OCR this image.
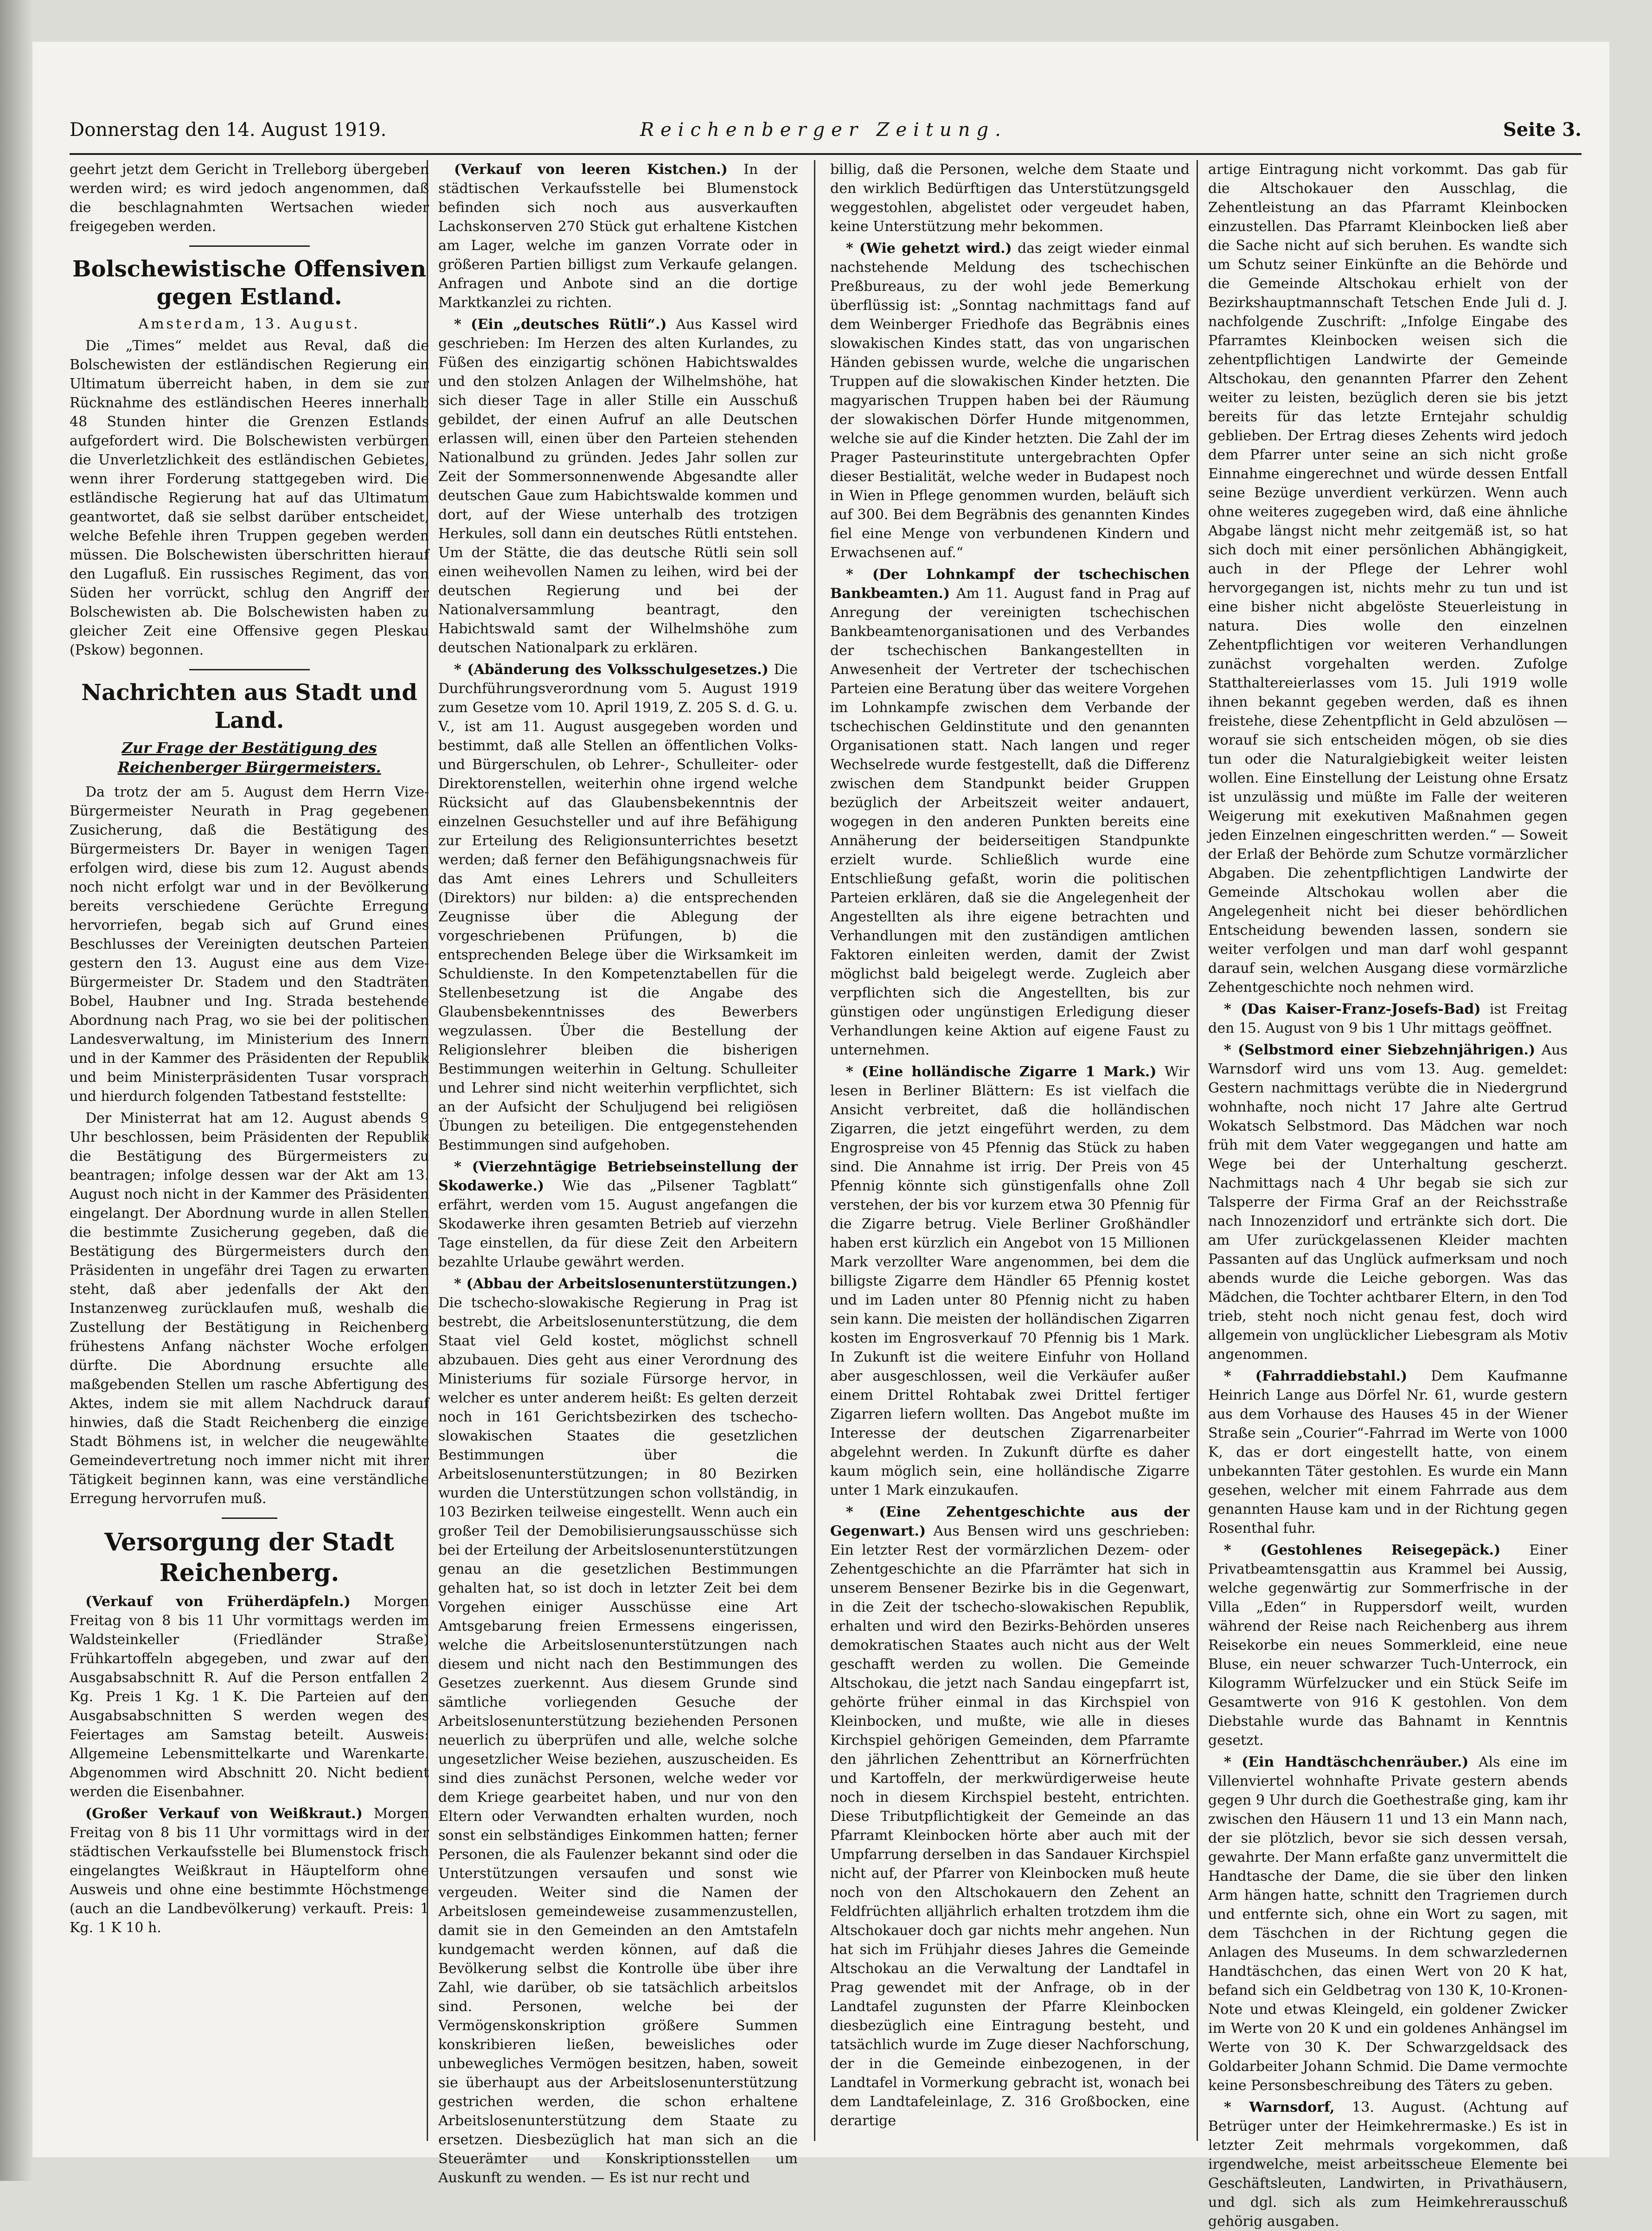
Donnerstag den 14. August 1919.	Reichenberger Zeitung.	Seite 3.

geehrt jetzt dem Gericht in Trelleborg übergeben werden wird; es wird jedoch angenommen, daß die beschlagnahmten Wertsachen wieder freigegeben werden.

Bolschewistische Offensiven gegen Estland.
Amsterdam, 13. August.

Die „Times“ meldet aus Reval, daß die Bolschewisten der estländischen Regierung ein Ultimatum überreicht haben, in dem sie zur Rücknahme des estländischen Heeres innerhalb 48 Stunden hinter die Grenzen Estlands aufgefordert wird. Die Bolschewisten verbürgen die Unverletzlichkeit des estländischen Gebietes, wenn ihrer Forderung stattgegeben wird. Die estländische Regierung hat auf das Ultimatum geantwortet, daß sie selbst darüber entscheidet, welche Befehle ihren Truppen gegeben werden müssen. Die Bolschewisten überschritten hierauf den Lugafluß. Ein russisches Regiment, das von Süden her vorrückt, schlug den Angriff der Bolschewisten ab. Die Bolschewisten haben zu gleicher Zeit eine Offensive gegen Pleskau (Pskow) begonnen.

Nachrichten aus Stadt und Land.
Zur Frage der Bestätigung des Reichenberger Bürgermeisters.

Da trotz der am 5. August dem Herrn Vize-Bürgermeister Neurath in Prag gegebenen Zusicherung, daß die Bestätigung des Bürgermeisters Dr. Bayer in wenigen Tagen erfolgen wird, diese bis zum 12. August abends noch nicht erfolgt war und in der Bevölkerung bereits verschiedene Gerüchte Erregung hervorriefen, begab sich auf Grund eines Beschlusses der Vereinigten deutschen Parteien gestern den 13. August eine aus dem Vize-Bürgermeister Dr. Stadem und den Stadträten Bobel, Haubner und Ing. Strada bestehende Abordnung nach Prag, wo sie bei der politischen Landesverwaltung, im Ministerium des Innern und in der Kammer des Präsidenten der Republik und beim Ministerpräsidenten Tusar vorsprach und hierdurch folgenden Tatbestand feststellte:

Der Ministerrat hat am 12. August abends 9 Uhr beschlossen, beim Präsidenten der Republik die Bestätigung des Bürgermeisters zu beantragen; infolge dessen war der Akt am 13. August noch nicht in der Kammer des Präsidenten eingelangt. Der Abordnung wurde in allen Stellen die bestimmte Zusicherung gegeben, daß die Bestätigung des Bürgermeisters durch den Präsidenten in ungefähr drei Tagen zu erwarten steht, daß aber jedenfalls der Akt den Instanzenweg zurücklaufen muß, weshalb die Zustellung der Bestätigung in Reichenberg frühestens Anfang nächster Woche erfolgen dürfte. Die Abordnung ersuchte alle maßgebenden Stellen um rasche Abfertigung des Aktes, indem sie mit allem Nachdruck darauf hinwies, daß die Stadt Reichenberg die einzige Stadt Böhmens ist, in welcher die neugewählte Gemeindevertretung noch immer nicht mit ihrer Tätigkeit beginnen kann, was eine verständliche Erregung hervorrufen muß.

Versorgung der Stadt Reichenberg.

(Verkauf von Früherdäpfeln.) Morgen Freitag von 8 bis 11 Uhr vormittags werden im Waldsteinkeller (Friedländer Straße) Frühkartoffeln abgegeben, und zwar auf den Ausgabsabschnitt R. Auf die Person entfallen 2 Kg. Preis 1 Kg. 1 K. Die Parteien auf den Ausgabsabschnitten S werden wegen des Feiertages am Samstag beteilt. Ausweis: Allgemeine Lebensmittelkarte und Warenkarte. Abgenommen wird Abschnitt 20. Nicht bedient werden die Eisenbahner.

(Großer Verkauf von Weißkraut.) Morgen Freitag von 8 bis 11 Uhr vormittags wird in der städtischen Verkaufsstelle bei Blumenstock frisch eingelangtes Weißkraut in Häuptelform ohne Ausweis und ohne eine bestimmte Höchstmenge (auch an die Landbevölkerung) verkauft. Preis: 1 Kg. 1 K 10 h.

(Verkauf von leeren Kistchen.) In der städtischen Verkaufsstelle bei Blumenstock befinden sich noch aus ausverkauften Lachskonserven 270 Stück gut erhaltene Kistchen am Lager, welche im ganzen Vorrate oder in größeren Partien billigst zum Verkaufe gelangen. Anfragen und Anbote sind an die dortige Marktkanzlei zu richten.

* (Ein „deutsches Rütli“.) Aus Kassel wird geschrieben: Im Herzen des alten Kurlandes, zu Füßen des einzigartig schönen Habichtswaldes und den stolzen Anlagen der Wilhelmshöhe, hat sich dieser Tage in aller Stille ein Ausschuß gebildet, der einen Aufruf an alle Deutschen erlassen will, einen über den Parteien stehenden Nationalbund zu gründen. Jedes Jahr sollen zur Zeit der Sommersonnenwende Abgesandte aller deutschen Gaue zum Habichtswalde kommen und dort, auf der Wiese unterhalb des trotzigen Herkules, soll dann ein deutsches Rütli entstehen. Um der Stätte, die das deutsche Rütli sein soll einen weihevollen Namen zu leihen, wird bei der deutschen Regierung und bei der Nationalversammlung beantragt, den Habichtswald samt der Wilhelmshöhe zum deutschen Nationalpark zu erklären.

* (Abänderung des Volksschulgesetzes.) Die Durchführungsverordnung vom 5. August 1919 zum Gesetze vom 10. April 1919, Z. 205 S. d. G. u. V., ist am 11. August ausgegeben worden und bestimmt, daß alle Stellen an öffentlichen Volks- und Bürgerschulen, ob Lehrer-, Schulleiter- oder Direktorenstellen, weiterhin ohne irgend welche Rücksicht auf das Glaubensbekenntnis der einzelnen Gesuchsteller und auf ihre Befähigung zur Erteilung des Religionsunterrichtes besetzt werden; daß ferner den Befähigungsnachweis für das Amt eines Lehrers und Schulleiters (Direktors) nur bilden: a) die entsprechenden Zeugnisse über die Ablegung der vorgeschriebenen Prüfungen, b) die entsprechenden Belege über die Wirksamkeit im Schuldienste. In den Kompetenztabellen für die Stellenbesetzung ist die Angabe des Glaubensbekenntnisses des Bewerbers wegzulassen. Über die Bestellung der Religionslehrer bleiben die bisherigen Bestimmungen weiterhin in Geltung. Schulleiter und Lehrer sind nicht weiterhin verpflichtet, sich an der Aufsicht der Schuljugend bei religiösen Übungen zu beteiligen. Die entgegenstehenden Bestimmungen sind aufgehoben.

* (Vierzehntägige Betriebseinstellung der Skodawerke.) Wie das „Pilsener Tagblatt“ erfährt, werden vom 15. August angefangen die Skodawerke ihren gesamten Betrieb auf vierzehn Tage einstellen, da für diese Zeit den Arbeitern bezahlte Urlaube gewährt werden.

* (Abbau der Arbeitslosenunterstützungen.) Die tschecho-slowakische Regierung in Prag ist bestrebt, die Arbeitslosenunterstützung, die dem Staat viel Geld kostet, möglichst schnell abzubauen. Dies geht aus einer Verordnung des Ministeriums für soziale Fürsorge hervor, in welcher es unter anderem heißt: Es gelten derzeit noch in 161 Gerichtsbezirken des tschecho-slowakischen Staates die gesetzlichen Bestimmungen über die Arbeitslosenunterstützungen; in 80 Bezirken wurden die Unterstützungen schon vollständig, in 103 Bezirken teilweise eingestellt. Wenn auch ein großer Teil der Demobilisierungsausschüsse sich bei der Erteilung der Arbeitslosenunterstützungen genau an die gesetzlichen Bestimmungen gehalten hat, so ist doch in letzter Zeit bei dem Vorgehen einiger Ausschüsse eine Art Amtsgebarung freien Ermessens eingerissen, welche die Arbeitslosenunterstützungen nach diesem und nicht nach den Bestimmungen des Gesetzes zuerkennt. Aus diesem Grunde sind sämtliche vorliegenden Gesuche der Arbeitslosenunterstützung beziehenden Personen neuerlich zu überprüfen und alle, welche solche ungesetzlicher Weise beziehen, auszuscheiden. Es sind dies zunächst Personen, welche weder vor dem Kriege gearbeitet haben, und nur von den Eltern oder Verwandten erhalten wurden, noch sonst ein selbständiges Einkommen hatten; ferner Personen, die als Faulenzer bekannt sind oder die Unterstützungen versaufen und sonst wie vergeuden. Weiter sind die Namen der Arbeitslosen gemeindeweise zusammenzustellen, damit sie in den Gemeinden an den Amtstafeln kundgemacht werden können, auf daß die Bevölkerung selbst die Kontrolle übe über ihre Zahl, wie darüber, ob sie tatsächlich arbeitslos sind. Personen, welche bei der Vermögenskonskription größere Summen konskribieren ließen, beweisliches oder unbewegliches Vermögen besitzen, haben, soweit sie überhaupt aus der Arbeitslosenunterstützung gestrichen werden, die schon erhaltene Arbeitslosenunterstützung dem Staate zu ersetzen. Diesbezüglich hat man sich an die Steuerämter und Konskriptionsstellen um Auskunft zu wenden. — Es ist nur recht und

billig, daß die Personen, welche dem Staate und den wirklich Bedürftigen das Unterstützungsgeld weggestohlen, abgelistet oder vergeudet haben, keine Unterstützung mehr bekommen.

* (Wie gehetzt wird.) das zeigt wieder einmal nachstehende Meldung des tschechischen Preßbureaus, zu der wohl jede Bemerkung überflüssig ist: „Sonntag nachmittags fand auf dem Weinberger Friedhofe das Begräbnis eines slowakischen Kindes statt, das von ungarischen Händen gebissen wurde, welche die ungarischen Truppen auf die slowakischen Kinder hetzten. Die magyarischen Truppen haben bei der Räumung der slowakischen Dörfer Hunde mitgenommen, welche sie auf die Kinder hetzten. Die Zahl der im Prager Pasteurinstitute untergebrachten Opfer dieser Bestialität, welche weder in Budapest noch in Wien in Pflege genommen wurden, beläuft sich auf 300. Bei dem Begräbnis des genannten Kindes fiel eine Menge von verbundenen Kindern und Erwachsenen auf.“

* (Der Lohnkampf der tschechischen Bankbeamten.) Am 11. August fand in Prag auf Anregung der vereinigten tschechischen Bankbeamtenorganisationen und des Verbandes der tschechischen Bankangestellten in Anwesenheit der Vertreter der tschechischen Parteien eine Beratung über das weitere Vorgehen im Lohnkampfe zwischen dem Verbande der tschechischen Geldinstitute und den genannten Organisationen statt. Nach langen und reger Wechselrede wurde festgestellt, daß die Differenz zwischen dem Standpunkt beider Gruppen bezüglich der Arbeitszeit weiter andauert, wogegen in den anderen Punkten bereits eine Annäherung der beiderseitigen Standpunkte erzielt wurde. Schließlich wurde eine Entschließung gefaßt, worin die politischen Parteien erklären, daß sie die Angelegenheit der Angestellten als ihre eigene betrachten und Verhandlungen mit den zuständigen amtlichen Faktoren einleiten werden, damit der Zwist möglichst bald beigelegt werde. Zugleich aber verpflichten sich die Angestellten, bis zur günstigen oder ungünstigen Erledigung dieser Verhandlungen keine Aktion auf eigene Faust zu unternehmen.

* (Eine holländische Zigarre 1 Mark.) Wir lesen in Berliner Blättern: Es ist vielfach die Ansicht verbreitet, daß die holländischen Zigarren, die jetzt eingeführt werden, zu dem Engrospreise von 45 Pfennig das Stück zu haben sind. Die Annahme ist irrig. Der Preis von 45 Pfennig könnte sich günstigenfalls ohne Zoll verstehen, der bis vor kurzem etwa 30 Pfennig für die Zigarre betrug. Viele Berliner Großhändler haben erst kürzlich ein Angebot von 15 Millionen Mark verzollter Ware angenommen, bei dem die billigste Zigarre dem Händler 65 Pfennig kostet und im Laden unter 80 Pfennig nicht zu haben sein kann. Die meisten der holländischen Zigarren kosten im Engrosverkauf 70 Pfennig bis 1 Mark. In Zukunft ist die weitere Einfuhr von Holland aber ausgeschlossen, weil die Verkäufer außer einem Drittel Rohtabak zwei Drittel fertiger Zigarren liefern wollten. Das Angebot mußte im Interesse der deutschen Zigarrenarbeiter abgelehnt werden. In Zukunft dürfte es daher kaum möglich sein, eine holländische Zigarre unter 1 Mark einzukaufen.

* (Eine Zehentgeschichte aus der Gegenwart.) Aus Bensen wird uns geschrieben: Ein letzter Rest der vormärzlichen Dezem- oder Zehentgeschichte an die Pfarrämter hat sich in unserem Bensener Bezirke bis in die Gegenwart, in die Zeit der tschecho-slowakischen Republik, erhalten und wird den Bezirks-Behörden unseres demokratischen Staates auch nicht aus der Welt geschafft werden zu wollen. Die Gemeinde Altschokau, die jetzt nach Sandau eingepfarrt ist, gehörte früher einmal in das Kirchspiel von Kleinbocken, und mußte, wie alle in dieses Kirchspiel gehörigen Gemeinden, dem Pfarramte den jährlichen Zehenttribut an Körnerfrüchten und Kartoffeln, der merkwürdigerweise heute noch in diesem Kirchspiel besteht, entrichten. Diese Tributpflichtigkeit der Gemeinde an das Pfarramt Kleinbocken hörte aber auch mit der Umpfarrung derselben in das Sandauer Kirchspiel nicht auf, der Pfarrer von Kleinbocken muß heute noch von den Altschokauern den Zehent an Feldfrüchten alljährlich erhalten trotzdem ihm die Altschokauer doch gar nichts mehr angehen. Nun hat sich im Frühjahr dieses Jahres die Gemeinde Altschokau an die Verwaltung der Landtafel in Prag gewendet mit der Anfrage, ob in der Landtafel zugunsten der Pfarre Kleinbocken diesbezüglich eine Eintragung besteht, und tatsächlich wurde im Zuge dieser Nachforschung, der in die Gemeinde einbezogenen, in der Landtafel in Vormerkung gebracht ist, wonach bei dem Landtafeleinlage, Z. 316 Großbocken, eine derartige

artige Eintragung nicht vorkommt. Das gab für die Altschokauer den Ausschlag, die Zehentleistung an das Pfarramt Kleinbocken einzustellen. Das Pfarramt Kleinbocken ließ aber die Sache nicht auf sich beruhen. Es wandte sich um Schutz seiner Einkünfte an die Behörde und die Gemeinde Altschokau erhielt von der Bezirkshauptmannschaft Tetschen Ende Juli d. J. nachfolgende Zuschrift: „Infolge Eingabe des Pfarramtes Kleinbocken weisen sich die zehentpflichtigen Landwirte der Gemeinde Altschokau, den genannten Pfarrer den Zehent weiter zu leisten, bezüglich deren sie bis jetzt bereits für das letzte Erntejahr schuldig geblieben. Der Ertrag dieses Zehents wird jedoch dem Pfarrer unter seine an sich nicht große Einnahme eingerechnet und würde dessen Entfall seine Bezüge unverdient verkürzen. Wenn auch ohne weiteres zugegeben wird, daß eine ähnliche Abgabe längst nicht mehr zeitgemäß ist, so hat sich doch mit einer persönlichen Abhängigkeit, auch in der Pflege der Lehrer wohl hervorgegangen ist, nichts mehr zu tun und ist eine bisher nicht abgelöste Steuerleistung in natura. Dies wolle den einzelnen Zehentpflichtigen vor weiteren Verhandlungen zunächst vorgehalten werden. Zufolge Statthaltereierlasses vom 15. Juli 1919 wolle ihnen bekannt gegeben werden, daß es ihnen freistehe, diese Zehentpflicht in Geld abzulösen — worauf sie sich entscheiden mögen, ob sie dies tun oder die Naturalgiebigkeit weiter leisten wollen. Eine Einstellung der Leistung ohne Ersatz ist unzulässig und müßte im Falle der weiteren Weigerung mit exekutiven Maßnahmen gegen jeden Einzelnen eingeschritten werden.“ — Soweit der Erlaß der Behörde zum Schutze vormärzlicher Abgaben. Die zehentpflichtigen Landwirte der Gemeinde Altschokau wollen aber die Angelegenheit nicht bei dieser behördlichen Entscheidung bewenden lassen, sondern sie weiter verfolgen und man darf wohl gespannt darauf sein, welchen Ausgang diese vormärzliche Zehentgeschichte noch nehmen wird.

* (Das Kaiser-Franz-Josefs-Bad) ist Freitag den 15. August von 9 bis 1 Uhr mittags geöffnet.

* (Selbstmord einer Siebzehnjährigen.) Aus Warnsdorf wird uns vom 13. Aug. gemeldet: Gestern nachmittags verübte die in Niedergrund wohnhafte, noch nicht 17 Jahre alte Gertrud Wokatsch Selbstmord. Das Mädchen war noch früh mit dem Vater weggegangen und hatte am Wege bei der Unterhaltung gescherzt. Nachmittags nach 4 Uhr begab sie sich zur Talsperre der Firma Graf an der Reichsstraße nach Innozenzidorf und ertränkte sich dort. Die am Ufer zurückgelassenen Kleider machten Passanten auf das Unglück aufmerksam und noch abends wurde die Leiche geborgen. Was das Mädchen, die Tochter achtbarer Eltern, in den Tod trieb, steht noch nicht genau fest, doch wird allgemein von unglücklicher Liebesgram als Motiv angenommen.

* (Fahrraddiebstahl.) Dem Kaufmanne Heinrich Lange aus Dörfel Nr. 61, wurde gestern aus dem Vorhause des Hauses 45 in der Wiener Straße sein „Courier“-Fahrrad im Werte von 1000 K, das er dort eingestellt hatte, von einem unbekannten Täter gestohlen. Es wurde ein Mann gesehen, welcher mit einem Fahrrade aus dem genannten Hause kam und in der Richtung gegen Rosenthal fuhr.

* (Gestohlenes Reisegepäck.) Einer Privatbeamtensgattin aus Krammel bei Aussig, welche gegenwärtig zur Sommerfrische in der Villa „Eden“ in Ruppersdorf weilt, wurden während der Reise nach Reichenberg aus ihrem Reisekorbe ein neues Sommerkleid, eine neue Bluse, ein neuer schwarzer Tuch-Unterrock, ein Kilogramm Würfelzucker und ein Stück Seife im Gesamtwerte von 916 K gestohlen. Von dem Diebstahle wurde das Bahnamt in Kenntnis gesetzt.

* (Ein Handtäschchenräuber.) Als eine im Villenviertel wohnhafte Private gestern abends gegen 9 Uhr durch die Goethestraße ging, kam ihr zwischen den Häusern 11 und 13 ein Mann nach, der sie plötzlich, bevor sie sich dessen versah, gewahrte. Der Mann erfaßte ganz unvermittelt die Handtasche der Dame, die sie über den linken Arm hängen hatte, schnitt den Tragriemen durch und entfernte sich, ohne ein Wort zu sagen, mit dem Täschchen in der Richtung gegen die Anlagen des Museums. In dem schwarzledernen Handtäschchen, das einen Wert von 20 K hat, befand sich ein Geldbetrag von 130 K, 10-Kronen-Note und etwas Kleingeld, ein goldener Zwicker im Werte von 20 K und ein goldenes Anhängsel im Werte von 30 K. Der Schwarzgeldsack des Goldarbeiter Johann Schmid. Die Dame vermochte keine Personsbeschreibung des Täters zu geben.

* Warnsdorf, 13. August. (Achtung auf Betrüger unter der Heimkehrermaske.) Es ist in letzter Zeit mehrmals vorgekommen, daß irgendwelche, meist arbeitsscheue Elemente bei Geschäftsleuten, Landwirten, in Privathäusern, und dgl. sich als zum Heimkehrerausschuß gehörig ausgaben.
